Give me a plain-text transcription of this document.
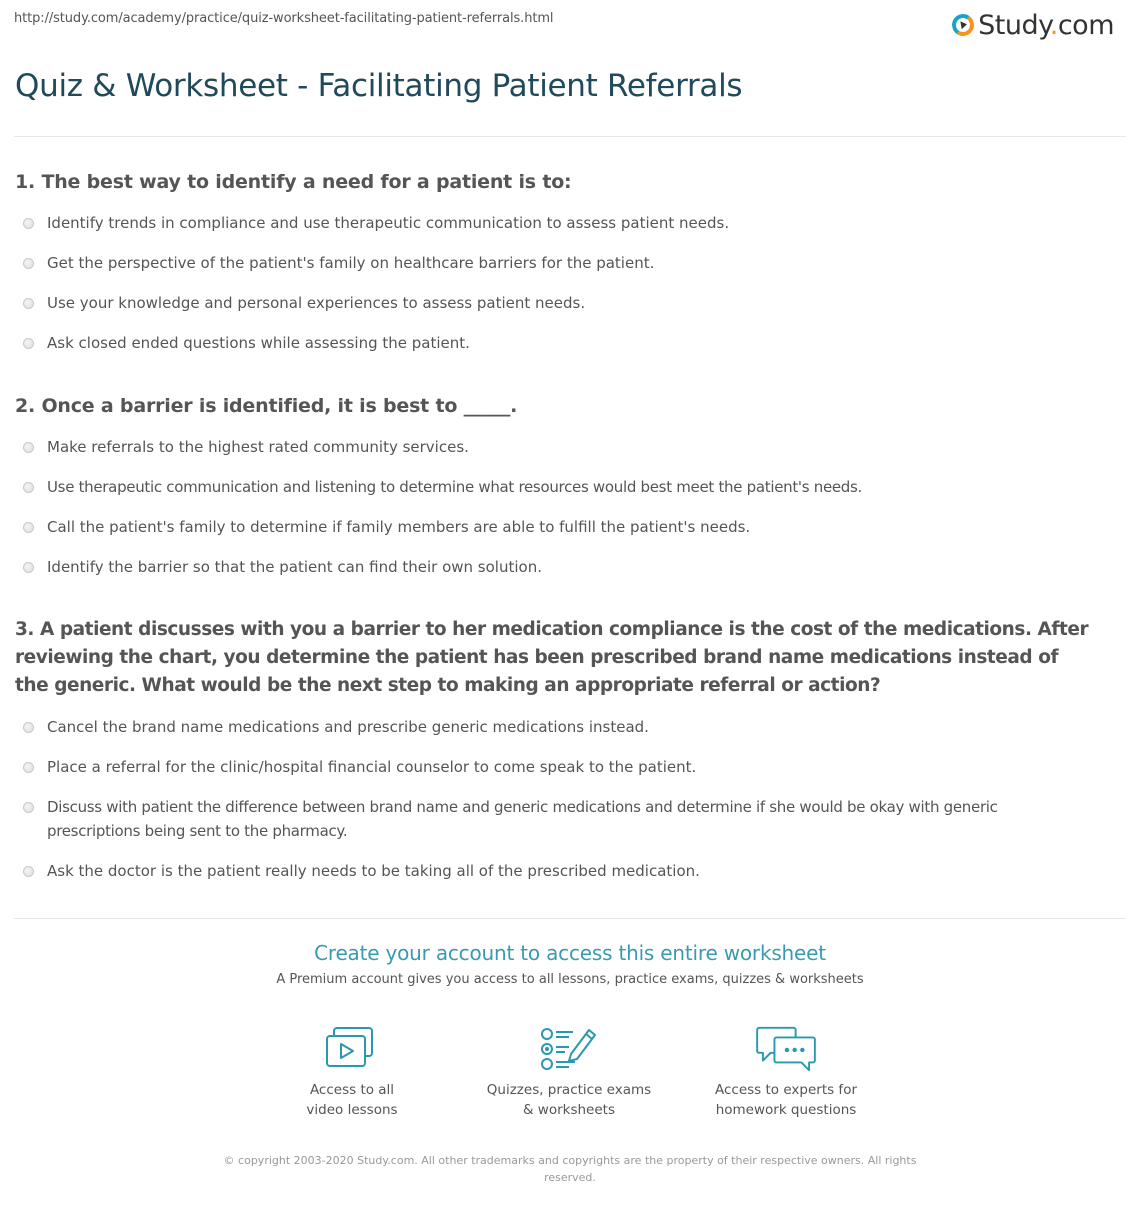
http://study.com/academy/practice/quiz-worksheet-facilitating-patient-referrals.html	Study.com
Quiz & Worksheet - Facilitating Patient Referrals
1. The best way to identify a need for a patient is to:
Identify trends in compliance and use therapeutic communication to assess patient needs.
Get the perspective of the patient's family on healthcare barriers for the patient.
Use your knowledge and personal experiences to assess patient needs.
Ask closed ended questions while assessing the patient.
2. Once a barrier is identified, it is best to _____.
Make referrals to the highest rated community services.
Use therapeutic communication and listening to determine what resources would best meet the patient's needs.
Call the patient's family to determine if family members are able to fulfill the patient's needs.
Identify the barrier so that the patient can find their own solution.
3. A patient discusses with you a barrier to her medication compliance is the cost of the medications. After reviewing the chart, you determine the patient has been prescribed brand name medications instead of the generic. What would be the next step to making an appropriate referral or action?
Cancel the brand name medications and prescribe generic medications instead.
Place a referral for the clinic/hospital financial counselor to come speak to the patient.
Discuss with patient the difference between brand name and generic medications and determine if she would be okay with generic prescriptions being sent to the pharmacy.
Ask the doctor is the patient really needs to be taking all of the prescribed medication.
Create your account to access this entire worksheet
A Premium account gives you access to all lessons, practice exams, quizzes & worksheets
Access to all
video lessons
Quizzes, practice exams
& worksheets
Access to experts for
homework questions
© copyright 2003-2020 Study.com. All other trademarks and copyrights are the property of their respective owners. All rights reserved.
